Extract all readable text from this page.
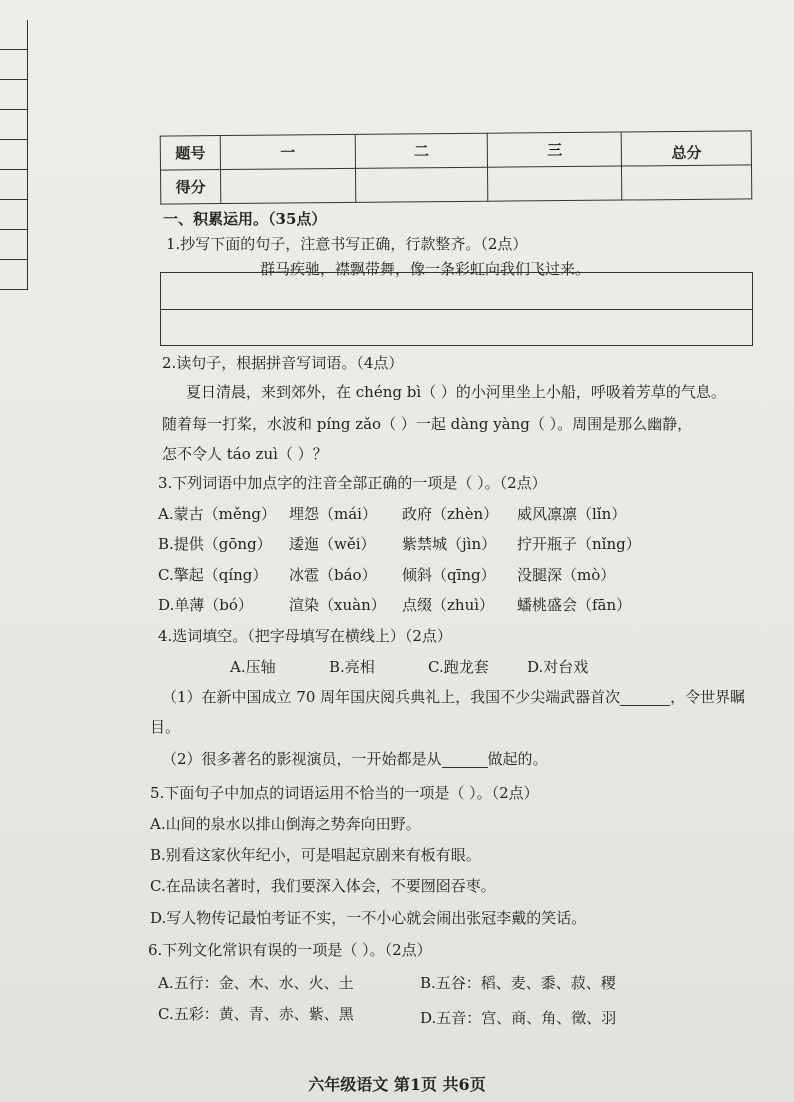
题号	一	二	三	总分
得分				
一、积累运用。（35点）
1.抄写下面的句子，注意书写正确，行款整齐。（2点）
群马疾驰，襟飘带舞，像一条彩虹向我们飞过来。
2.读句子，根据拼音写词语。（4点）
夏日清晨，来到郊外，在 chéng bì（ ）的小河里坐上小船，呼吸着芳草的气息。
随着每一打桨，水波和 píng zǎo（ ）一起 dàng yàng（ ）。周围是那么幽静，
怎不令人 táo zuì（ ）？
3.下列词语中加点字的注音全部正确的一项是（ ）。（2点）
A.蒙古（měng） 埋怨（mái） 政府（zhèn） 威风凛凛（lǐn）
B.提供（gōng） 逶迤（wěi） 紫禁城（jìn） 拧开瓶子（nǐng）
C.擎起（qíng） 冰雹（báo） 倾斜（qīng） 没腿深（mò）
D.单薄（bó） 渲染（xuàn） 点缀（zhuì） 蟠桃盛会（fān）
4.选词填空。（把字母填写在横线上）（2点）
A.压轴	B.亮相	C.跑龙套	D.对台戏
（1）在新中国成立 70 周年国庆阅兵典礼上，我国不少尖端武器首次	，令世界瞩
目。
（2）很多著名的影视演员，一开始都是从	做起的。
5.下面句子中加点的词语运用不恰当的一项是（ ）。（2点）
A.山间的泉水以排山倒海之势奔向田野。
B.别看这家伙年纪小，可是唱起京剧来有板有眼。
C.在品读名著时，我们要深入体会，不要囫囵吞枣。
D.写人物传记最怕考证不实，一不小心就会闹出张冠李戴的笑话。
6.下列文化常识有误的一项是（ ）。（2点）
A.五行：金、木、水、火、土	B.五谷：稻、麦、黍、菽、稷
C.五彩：黄、青、赤、紫、黑	D.五音：宫、商、角、徵、羽
六年级语文 第1页 共6页
